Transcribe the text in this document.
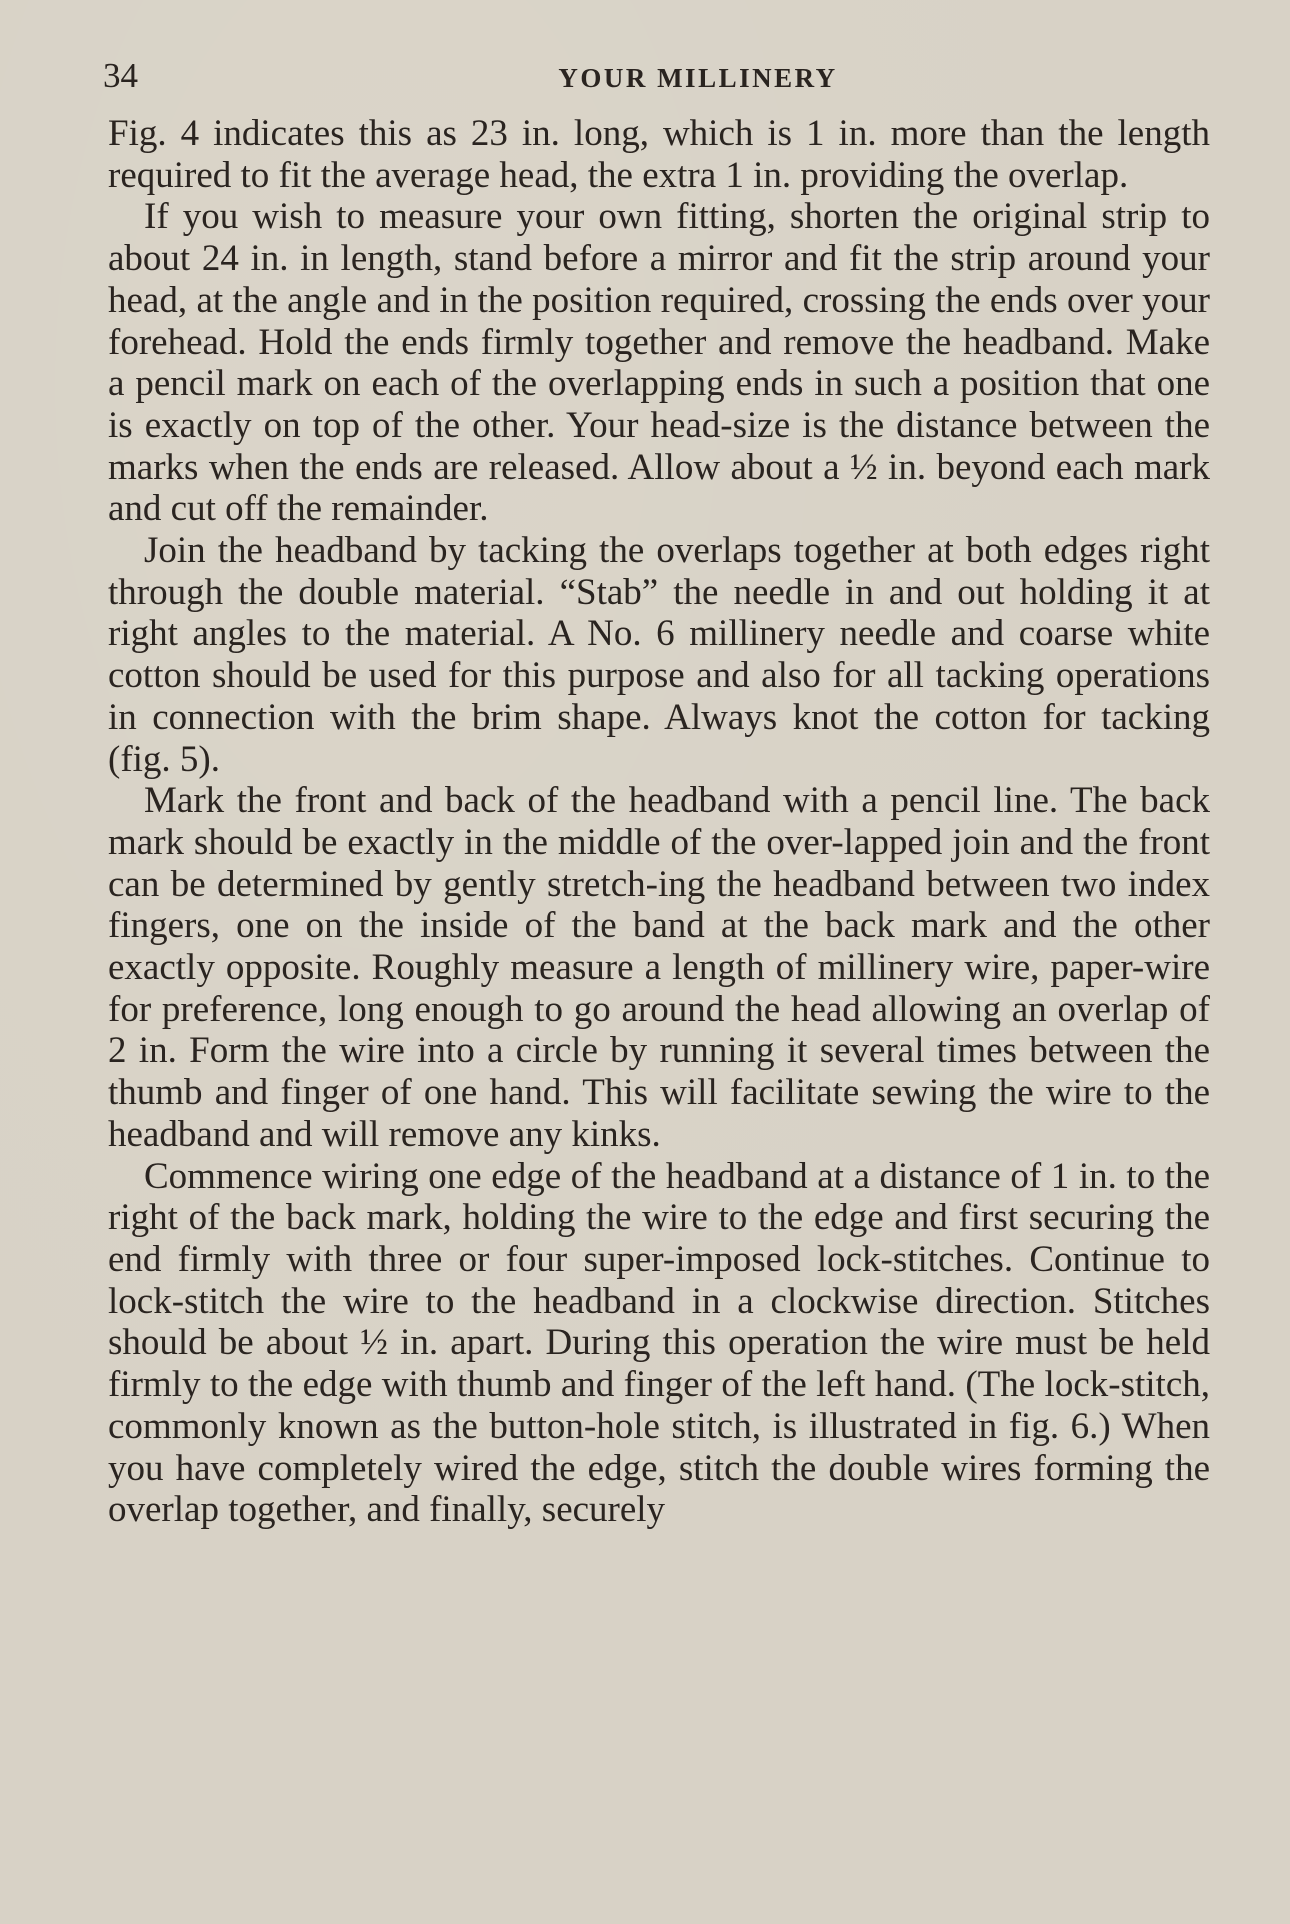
34	YOUR MILLINERY

Fig. 4 indicates this as 23 in. long, which is 1 in. more than the length required to fit the average head, the extra 1 in. providing the overlap.

If you wish to measure your own fitting, shorten the original strip to about 24 in. in length, stand before a mirror and fit the strip around your head, at the angle and in the position required, crossing the ends over your forehead. Hold the ends firmly together and remove the headband. Make a pencil mark on each of the overlapping ends in such a position that one is exactly on top of the other. Your head-size is the distance between the marks when the ends are released. Allow about a ½ in. beyond each mark and cut off the remainder.

Join the headband by tacking the overlaps together at both edges right through the double material. “Stab” the needle in and out holding it at right angles to the material. A No. 6 millinery needle and coarse white cotton should be used for this purpose and also for all tacking operations in connection with the brim shape. Always knot the cotton for tacking (fig. 5).

Mark the front and back of the headband with a pencil line. The back mark should be exactly in the middle of the over-lapped join and the front can be determined by gently stretch-ing the headband between two index fingers, one on the inside of the band at the back mark and the other exactly opposite. Roughly measure a length of millinery wire, paper-wire for preference, long enough to go around the head allowing an overlap of 2 in. Form the wire into a circle by running it several times between the thumb and finger of one hand. This will facilitate sewing the wire to the headband and will remove any kinks.

Commence wiring one edge of the headband at a distance of 1 in. to the right of the back mark, holding the wire to the edge and first securing the end firmly with three or four super-imposed lock-stitches. Continue to lock-stitch the wire to the headband in a clockwise direction. Stitches should be about ½ in. apart. During this operation the wire must be held firmly to the edge with thumb and finger of the left hand. (The lock-stitch, commonly known as the button-hole stitch, is illustrated in fig. 6.) When you have completely wired the edge, stitch the double wires forming the overlap together, and finally, securely
